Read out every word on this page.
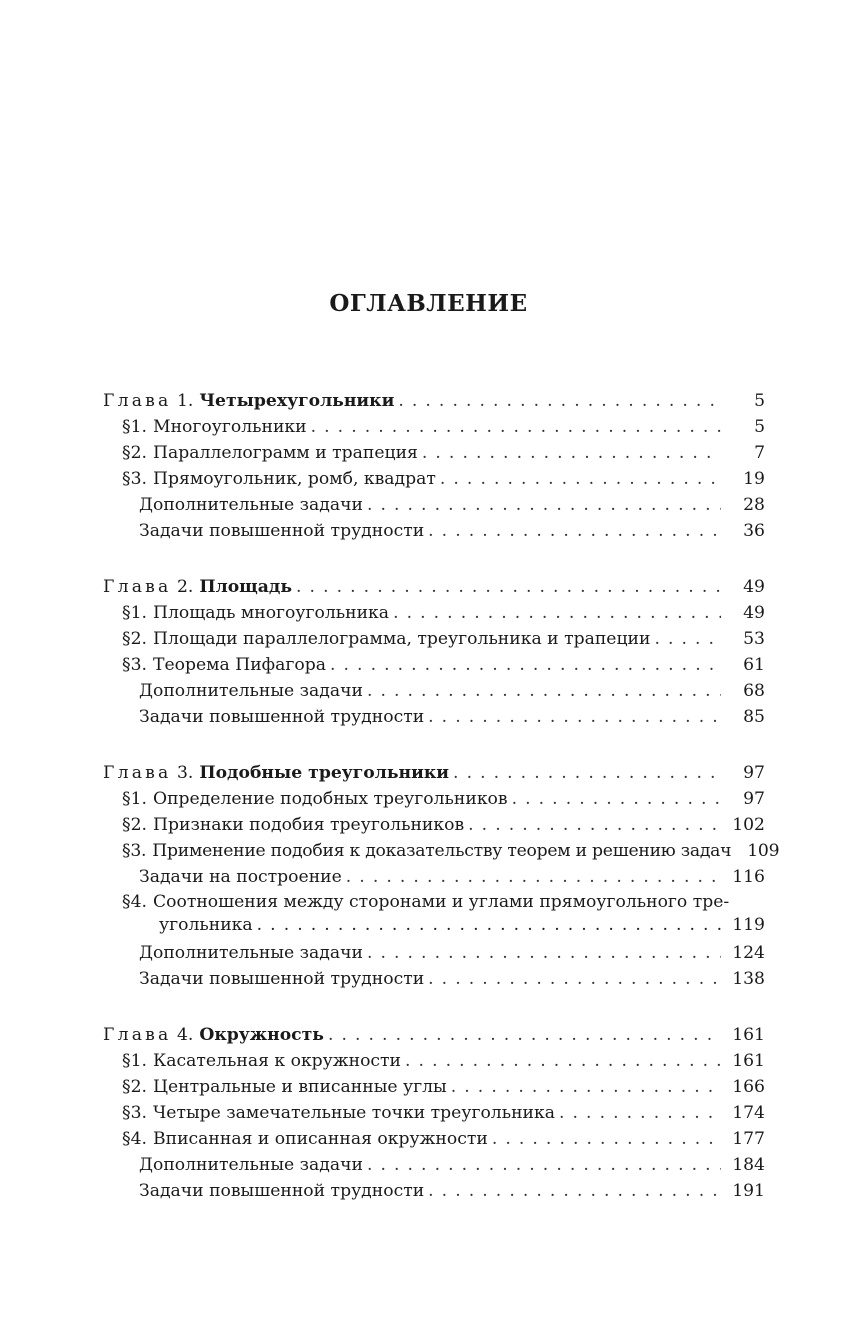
ОГЛАВЛЕНИЕ
Глава 1. Четырехугольники . . .	5
§1. Многоугольники . . .	5
§2. Параллелограмм и трапеция . . .	7
§3. Прямоугольник, ромб, квадрат . . .	19
Дополнительные задачи . . .	28
Задачи повышенной трудности . . .	36
Глава 2. Площадь . . .	49
§1. Площадь многоугольника . . .	49
§2. Площади параллелограмма, треугольника и трапеции . . .	53
§3. Теорема Пифагора . . .	61
Дополнительные задачи . . .	68
Задачи повышенной трудности . . .	85
Глава 3. Подобные треугольники . . .	97
§1. Определение подобных треугольников . . .	97
§2. Признаки подобия треугольников . . .	102
§3. Применение подобия к доказательству теорем и решению задач 109
Задачи на построение . . .	116
§4. Соотношения между сторонами и углами прямоугольного тре-
угольника . . .	119
Дополнительные задачи . . .	124
Задачи повышенной трудности . . .	138
Глава 4. Окружность . . .	161
§1. Касательная к окружности . . .	161
§2. Центральные и вписанные углы . . .	166
§3. Четыре замечательные точки треугольника . . .	174
§4. Вписанная и описанная окружности . . .	177
Дополнительные задачи . . .	184
Задачи повышенной трудности . . .	191
